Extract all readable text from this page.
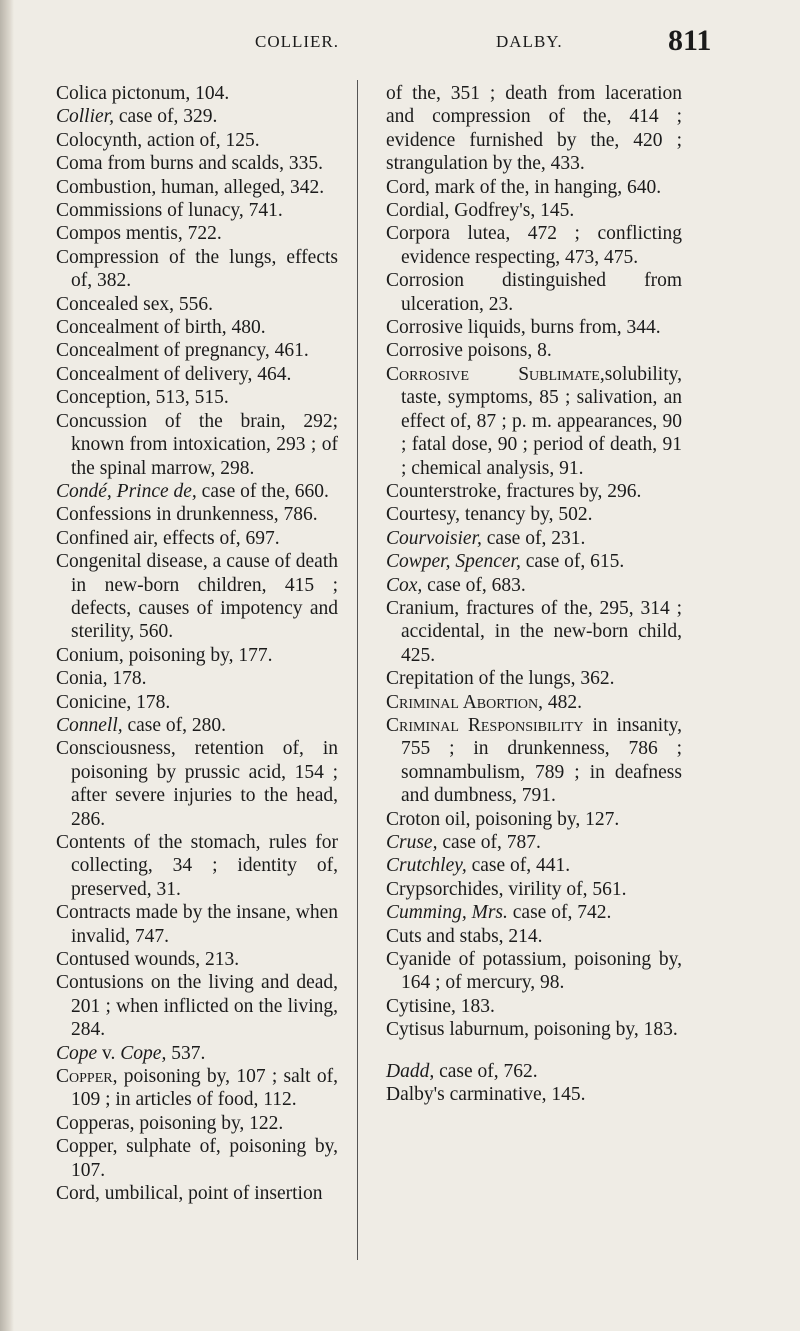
COLLIER.	DALBY.	811
Colica pictonum, 104.
Collier, case of, 329.
Colocynth, action of, 125.
Coma from burns and scalds, 335.
Combustion, human, alleged, 342.
Commissions of lunacy, 741.
Compos mentis, 722.
Compression of the lungs, effects of, 382.
Concealed sex, 556.
Concealment of birth, 480.
Concealment of pregnancy, 461.
Concealment of delivery, 464.
Conception, 513, 515.
Concussion of the brain, 292; known from intoxication, 293 ; of the spinal marrow, 298.
Condé, Prince de, case of the, 660.
Confessions in drunkenness, 786.
Confined air, effects of, 697.
Congenital disease, a cause of death in new-born children, 415 ; defects, causes of impotency and sterility, 560.
Conium, poisoning by, 177.
Conia, 178.
Conicine, 178.
Connell, case of, 280.
Consciousness, retention of, in poisoning by prussic acid, 154 ; after severe injuries to the head, 286.
Contents of the stomach, rules for collecting, 34 ; identity of, preserved, 31.
Contracts made by the insane, when invalid, 747.
Contused wounds, 213.
Contusions on the living and dead, 201 ; when inflicted on the living, 284.
Cope v. Cope, 537.
Copper, poisoning by, 107 ; salt of, 109 ; in articles of food, 112.
Copperas, poisoning by, 122.
Copper, sulphate of, poisoning by, 107.
Cord, umbilical, point of insertion
of the, 351 ; death from laceration and compression of the, 414 ; evidence furnished by the, 420 ; strangulation by the, 433.
Cord, mark of the, in hanging, 640.
Cordial, Godfrey's, 145.
Corpora lutea, 472 ; conflicting evidence respecting, 473, 475.
Corrosion distinguished from ulceration, 23.
Corrosive liquids, burns from, 344.
Corrosive poisons, 8.
Corrosive Sublimate,solubility, taste, symptoms, 85 ; salivation, an effect of, 87 ; p. m. appearances, 90 ; fatal dose, 90 ; period of death, 91 ; chemical analysis, 91.
Counterstroke, fractures by, 296.
Courtesy, tenancy by, 502.
Courvoisier, case of, 231.
Cowper, Spencer, case of, 615.
Cox, case of, 683.
Cranium, fractures of the, 295, 314 ; accidental, in the new-born child, 425.
Crepitation of the lungs, 362.
Criminal Abortion, 482.
Criminal Responsibility in insanity, 755 ; in drunkenness, 786 ; somnambulism, 789 ; in deafness and dumbness, 791.
Croton oil, poisoning by, 127.
Cruse, case of, 787.
Crutchley, case of, 441.
Crypsorchides, virility of, 561.
Cumming, Mrs. case of, 742.
Cuts and stabs, 214.
Cyanide of potassium, poisoning by, 164 ; of mercury, 98.
Cytisine, 183.
Cytisus laburnum, poisoning by, 183.
Dadd, case of, 762.
Dalby's carminative, 145.
